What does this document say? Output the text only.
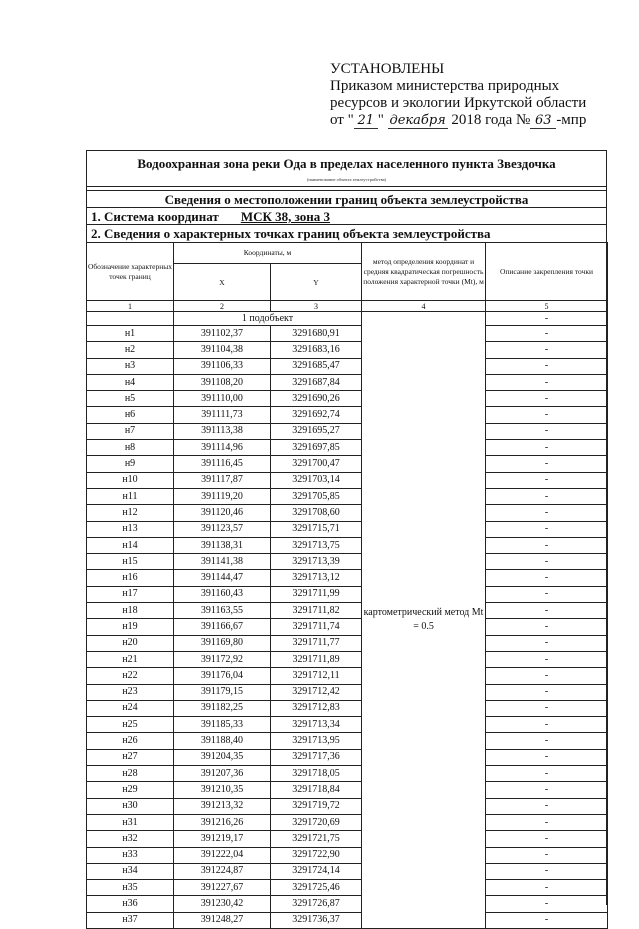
УСТАНОВЛЕНЫ
Приказом министерства природных
ресурсов и экологии Иркутской области
от " 21 " декабря 2018 года № 63 -мпр
Водоохранная зона реки Ода в пределах населенного пункта Звездочка
(наименование объекта землеустройства)
Сведения о местоположении границ объекта землеустройства
1. Система координат МСК 38, зона 3
2. Сведения о характерных точках границ объекта землеустройства
Обозначение характерных точек границ	Координаты, м		метод определения координат и средняя квадратическая погрешность положения характерной точки (Mt), м	Описание закрепления точки
	X	Y		
1	2	3	4	5
	1 подобъект		картометрический метод Mt = 0.5	-
н1	391102,37	3291680,91		-
н2	391104,38	3291683,16		-
н3	391106,33	3291685,47		-
н4	391108,20	3291687,84		-
н5	391110,00	3291690,26		-
н6	391111,73	3291692,74		-
н7	391113,38	3291695,27		-
н8	391114,96	3291697,85		-
н9	391116,45	3291700,47		-
н10	391117,87	3291703,14		-
н11	391119,20	3291705,85		-
н12	391120,46	3291708,60		-
н13	391123,57	3291715,71		-
н14	391138,31	3291713,75		-
н15	391141,38	3291713,39		-
н16	391144,47	3291713,12		-
н17	391160,43	3291711,99		-
н18	391163,55	3291711,82		-
н19	391166,67	3291711,74		-
н20	391169,80	3291711,77		-
н21	391172,92	3291711,89		-
н22	391176,04	3291712,11		-
н23	391179,15	3291712,42		-
н24	391182,25	3291712,83		-
н25	391185,33	3291713,34		-
н26	391188,40	3291713,95		-
н27	391204,35	3291717,36		-
н28	391207,36	3291718,05		-
н29	391210,35	3291718,84		-
н30	391213,32	3291719,72		-
н31	391216,26	3291720,69		-
н32	391219,17	3291721,75		-
н33	391222,04	3291722,90		-
н34	391224,87	3291724,14		-
н35	391227,67	3291725,46		-
н36	391230,42	3291726,87		-
н37	391248,27	3291736,37		-
